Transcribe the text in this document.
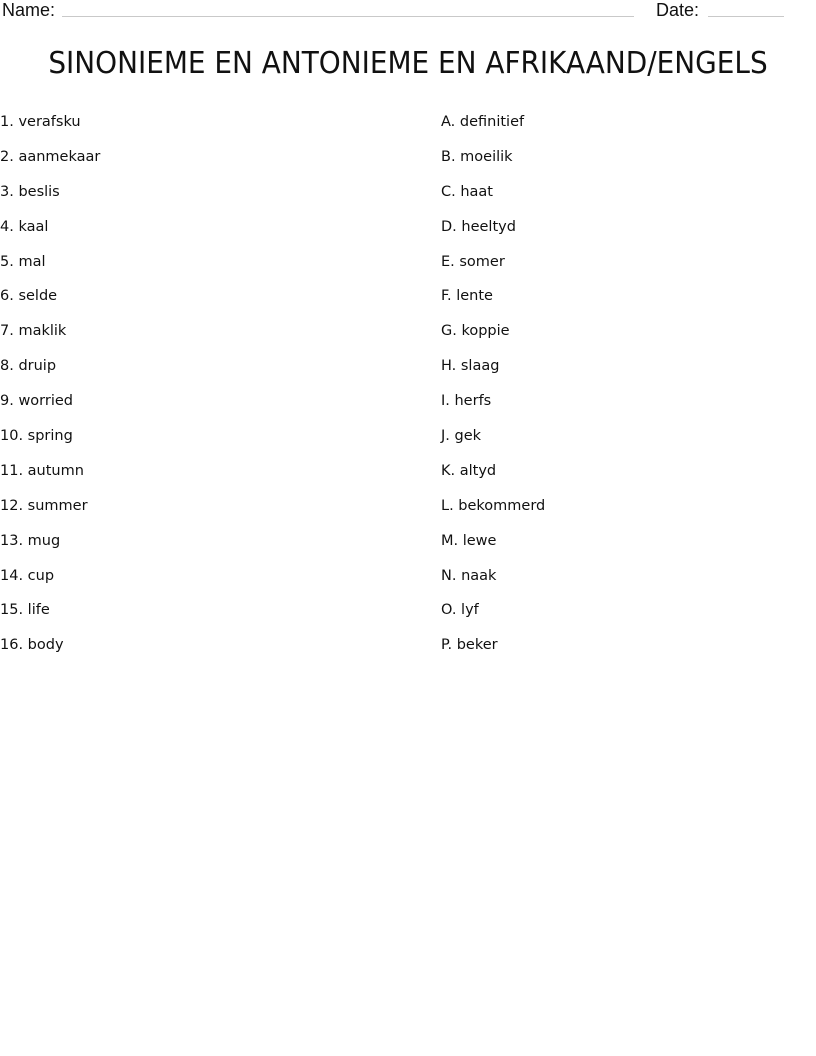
Name:	Date:
SINONIEME EN ANTONIEME EN AFRIKAAND/ENGELS
1. verafsku
2. aanmekaar
3. beslis
4. kaal
5. mal
6. selde
7. maklik
8. druip
9. worried
10. spring
11. autumn
12. summer
13. mug
14. cup
15. life
16. body
A. definitief
B. moeilik
C. haat
D. heeltyd
E. somer
F. lente
G. koppie
H. slaag
I. herfs
J. gek
K. altyd
L. bekommerd
M. lewe
N. naak
O. lyf
P. beker
